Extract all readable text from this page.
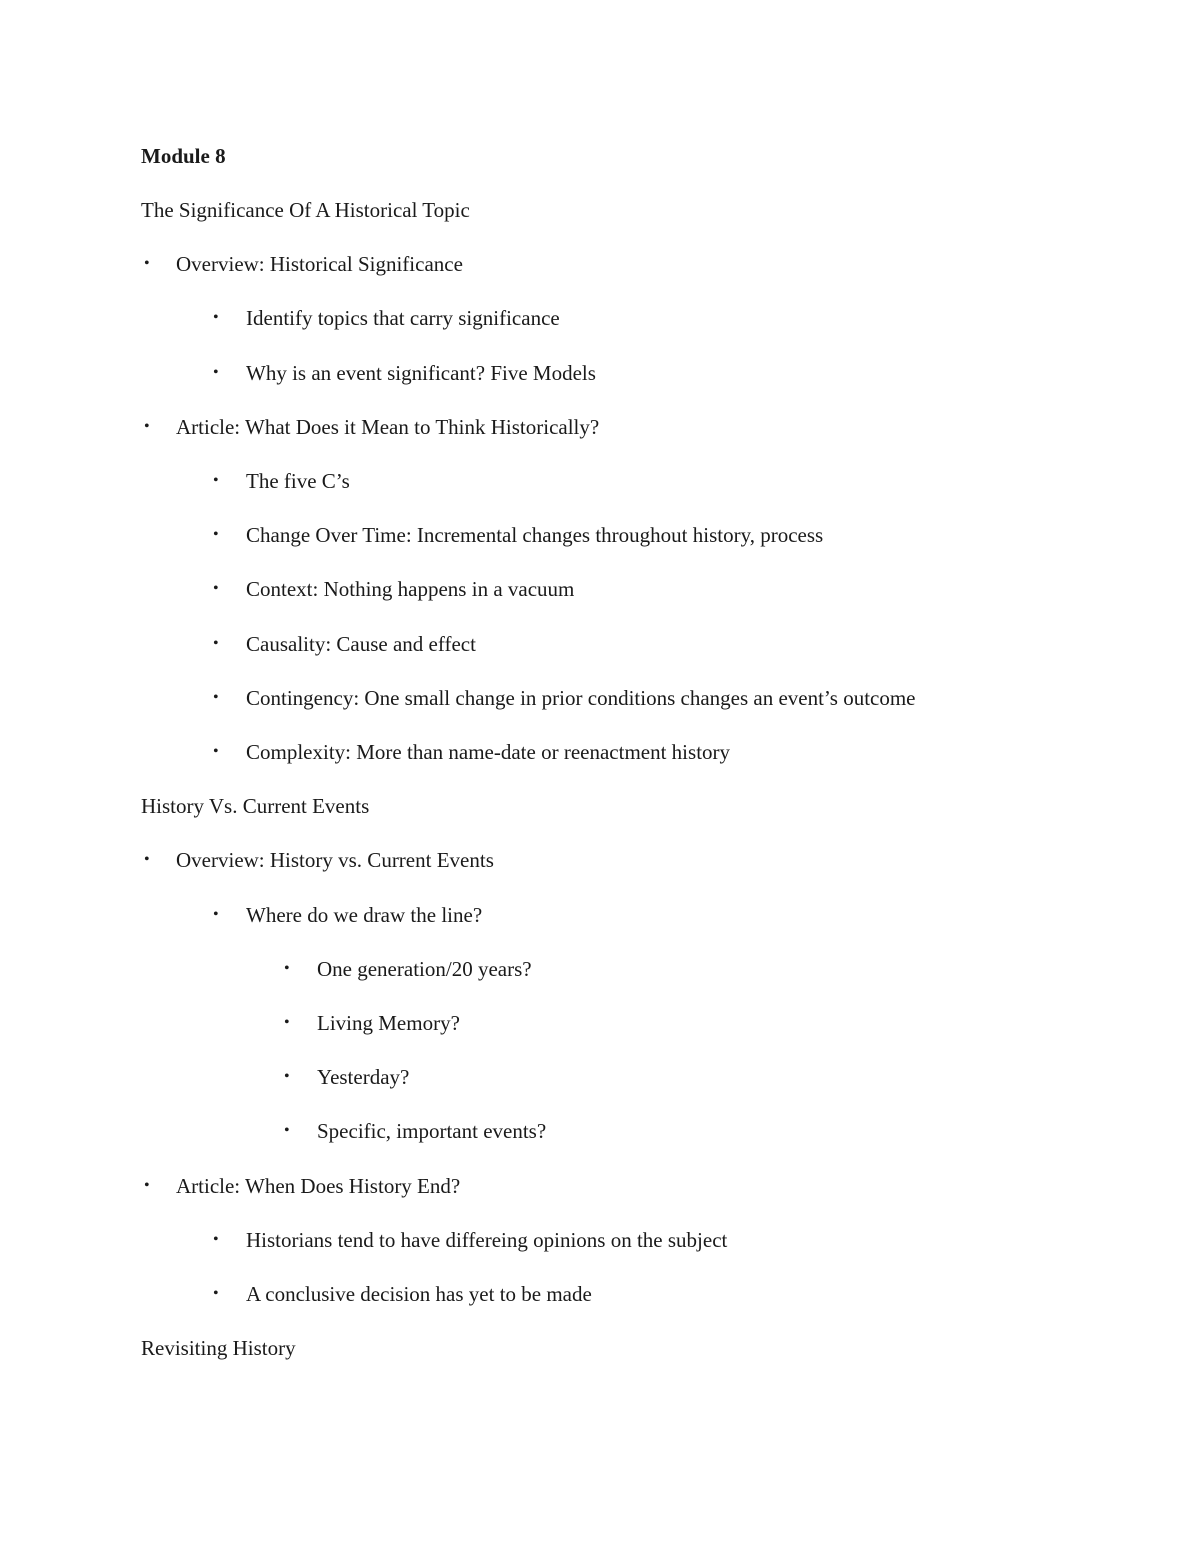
Module 8
The Significance Of A Historical Topic
• Overview: Historical Significance
• Identify topics that carry significance
• Why is an event significant? Five Models
• Article: What Does it Mean to Think Historically?
• The five C’s
• Change Over Time: Incremental changes throughout history, process
• Context: Nothing happens in a vacuum
• Causality: Cause and effect
• Contingency: One small change in prior conditions changes an event’s outcome
• Complexity: More than name-date or reenactment history
History Vs. Current Events
• Overview: History vs. Current Events
• Where do we draw the line?
• One generation/20 years?
• Living Memory?
• Yesterday?
• Specific, important events?
• Article: When Does History End?
• Historians tend to have differeing opinions on the subject
• A conclusive decision has yet to be made
Revisiting History
